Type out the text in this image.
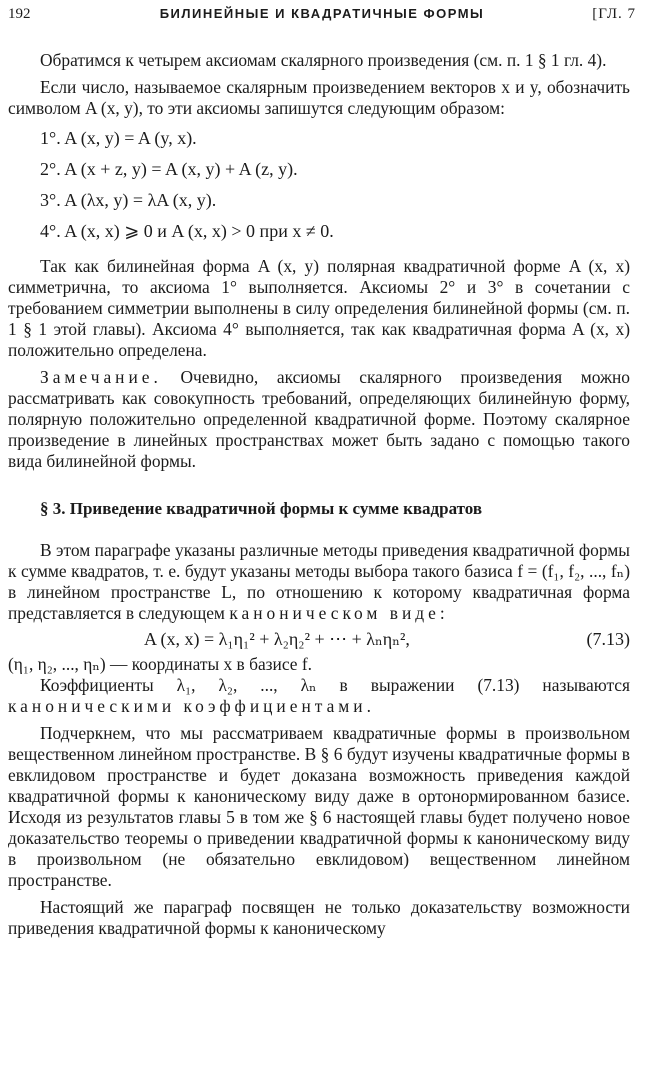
192	БИЛИНЕЙНЫЕ И КВАДРАТИЧНЫЕ ФОРМЫ	[ГЛ. 7

Обратимся к четырем аксиомам скалярного произведения (см. п. 1 § 1 гл. 4).

Если число, называемое скалярным произведением векторов x и y, обозначить символом A (x, y), то эти аксиомы запишутся следующим образом:

1°. A (x, y) = A (y, x).

2°. A (x + z, y) = A (x, y) + A (z, y).

3°. A (λx, y) = λA (x, y).

4°. A (x, x) ⩾ 0 и A (x, x) > 0 при x ≠ 0.

Так как билинейная форма A (x, y) полярная квадратичной форме A (x, x) симметрична, то аксиома 1° выполняется. Аксиомы 2° и 3° в сочетании с требованием симметрии выполнены в силу определения билинейной формы (см. п. 1 § 1 этой главы). Аксиома 4° выполняется, так как квадратичная форма A (x, x) положительно определена.

Замечание. Очевидно, аксиомы скалярного произведения можно рассматривать как совокупность требований, определяющих билинейную форму, полярную положительно определенной квадратичной форме. Поэтому скалярное произведение в линейных пространствах может быть задано с помощью такого вида билинейной формы.

§ 3. Приведение квадратичной формы к сумме квадратов

В этом параграфе указаны различные методы приведения квадратичной формы к сумме квадратов, т. е. будут указаны методы выбора такого базиса f = (f₁, f₂, ..., fₙ) в линейном пространстве L, по отношению к которому квадратичная форма представляется в следующем каноническом виде:

A (x, x) = λ₁η₁² + λ₂η₂² + ⋯ + λₙηₙ²,	(7.13)

(η₁, η₂, ..., ηₙ) — координаты x в базисе f.

Коэффициенты λ₁, λ₂, ..., λₙ в выражении (7.13) называются каноническими коэффициентами.

Подчеркнем, что мы рассматриваем квадратичные формы в произвольном вещественном линейном пространстве. В § 6 будут изучены квадратичные формы в евклидовом пространстве и будет доказана возможность приведения каждой квадратичной формы к каноническому виду даже в ортонормированном базисе. Исходя из результатов главы 5 в том же § 6 настоящей главы будет получено новое доказательство теоремы о приведении квадратичной формы к каноническому виду в произвольном (не обязательно евклидовом) вещественном линейном пространстве.

Настоящий же параграф посвящен не только доказательству возможности приведения квадратичной формы к каноническому
